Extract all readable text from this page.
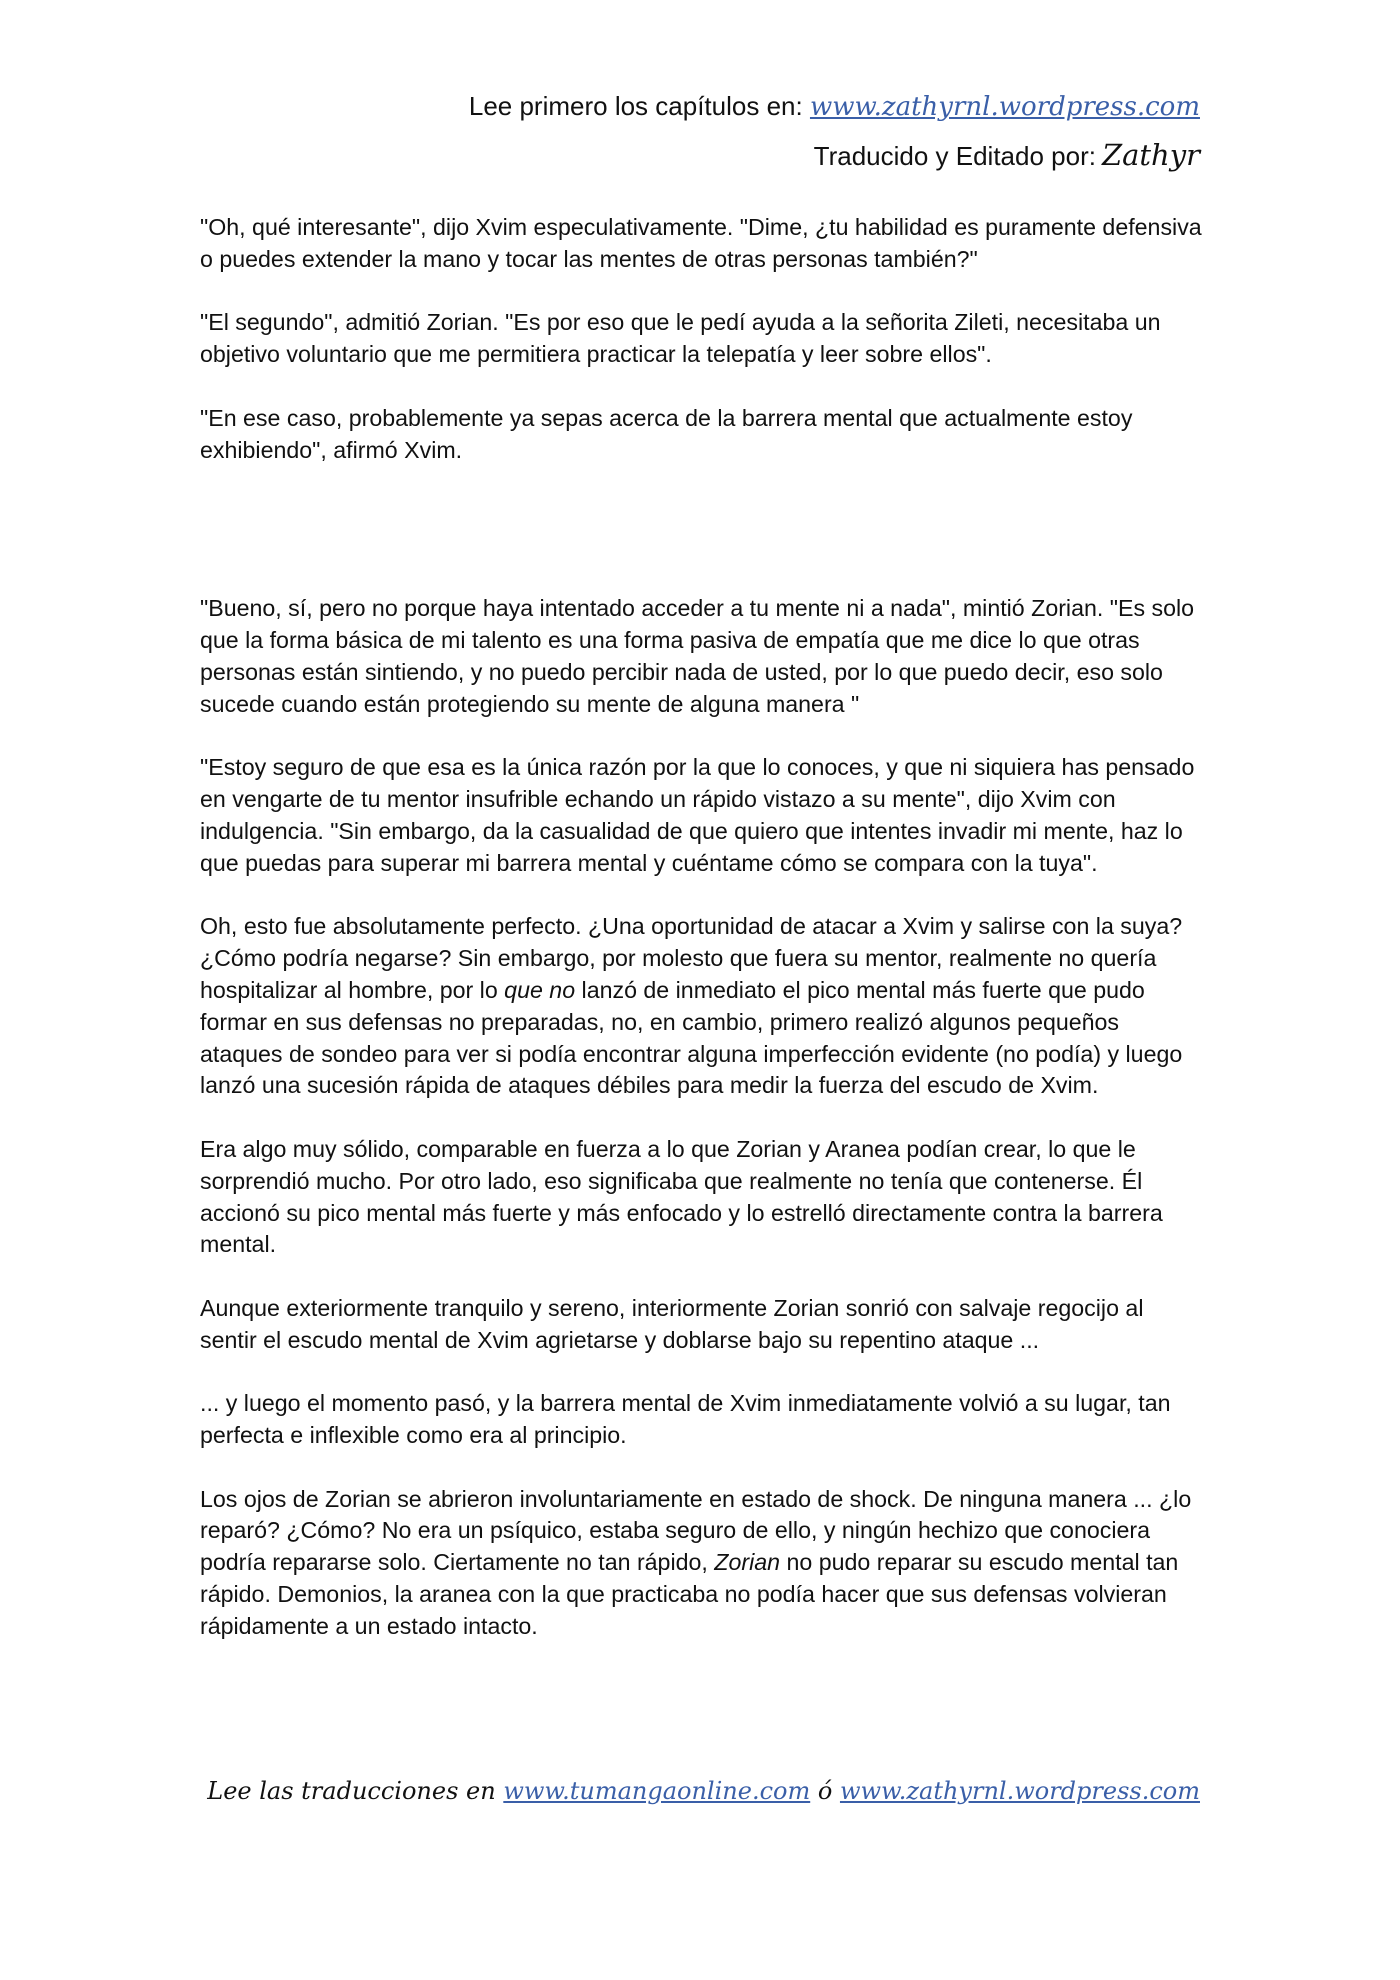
Lee primero los capítulos en: www.zathyrnl.wordpress.com
Traducido y Editado por: Zathyr

"Oh, qué interesante", dijo Xvim especulativamente. "Dime, ¿tu habilidad es puramente defensiva o puedes extender la mano y tocar las mentes de otras personas también?"

"El segundo", admitió Zorian. "Es por eso que le pedí ayuda a la señorita Zileti, necesitaba un objetivo voluntario que me permitiera practicar la telepatía y leer sobre ellos".

"En ese caso, probablemente ya sepas acerca de la barrera mental que actualmente estoy exhibiendo", afirmó Xvim.

"Bueno, sí, pero no porque haya intentado acceder a tu mente ni a nada", mintió Zorian. "Es solo que la forma básica de mi talento es una forma pasiva de empatía que me dice lo que otras personas están sintiendo, y no puedo percibir nada de usted, por lo que puedo decir, eso solo sucede cuando están protegiendo su mente de alguna manera "

"Estoy seguro de que esa es la única razón por la que lo conoces, y que ni siquiera has pensado en vengarte de tu mentor insufrible echando un rápido vistazo a su mente", dijo Xvim con indulgencia. "Sin embargo, da la casualidad de que quiero que intentes invadir mi mente, haz lo que puedas para superar mi barrera mental y cuéntame cómo se compara con la tuya".

Oh, esto fue absolutamente perfecto. ¿Una oportunidad de atacar a Xvim y salirse con la suya? ¿Cómo podría negarse? Sin embargo, por molesto que fuera su mentor, realmente no quería hospitalizar al hombre, por lo que no lanzó de inmediato el pico mental más fuerte que pudo formar en sus defensas no preparadas, no, en cambio, primero realizó algunos pequeños ataques de sondeo para ver si podía encontrar alguna imperfección evidente (no podía) y luego lanzó una sucesión rápida de ataques débiles para medir la fuerza del escudo de Xvim.

Era algo muy sólido, comparable en fuerza a lo que Zorian y Aranea podían crear, lo que le sorprendió mucho. Por otro lado, eso significaba que realmente no tenía que contenerse. Él accionó su pico mental más fuerte y más enfocado y lo estrelló directamente contra la barrera mental.

Aunque exteriormente tranquilo y sereno, interiormente Zorian sonrió con salvaje regocijo al sentir el escudo mental de Xvim agrietarse y doblarse bajo su repentino ataque ...

... y luego el momento pasó, y la barrera mental de Xvim inmediatamente volvió a su lugar, tan perfecta e inflexible como era al principio.

Los ojos de Zorian se abrieron involuntariamente en estado de shock. De ninguna manera ... ¿lo reparó? ¿Cómo? No era un psíquico, estaba seguro de ello, y ningún hechizo que conociera podría repararse solo. Ciertamente no tan rápido, Zorian no pudo reparar su escudo mental tan rápido. Demonios, la aranea con la que practicaba no podía hacer que sus defensas volvieran rápidamente a un estado intacto.

Lee las traducciones en www.tumangaonline.com ó www.zathyrnl.wordpress.com
